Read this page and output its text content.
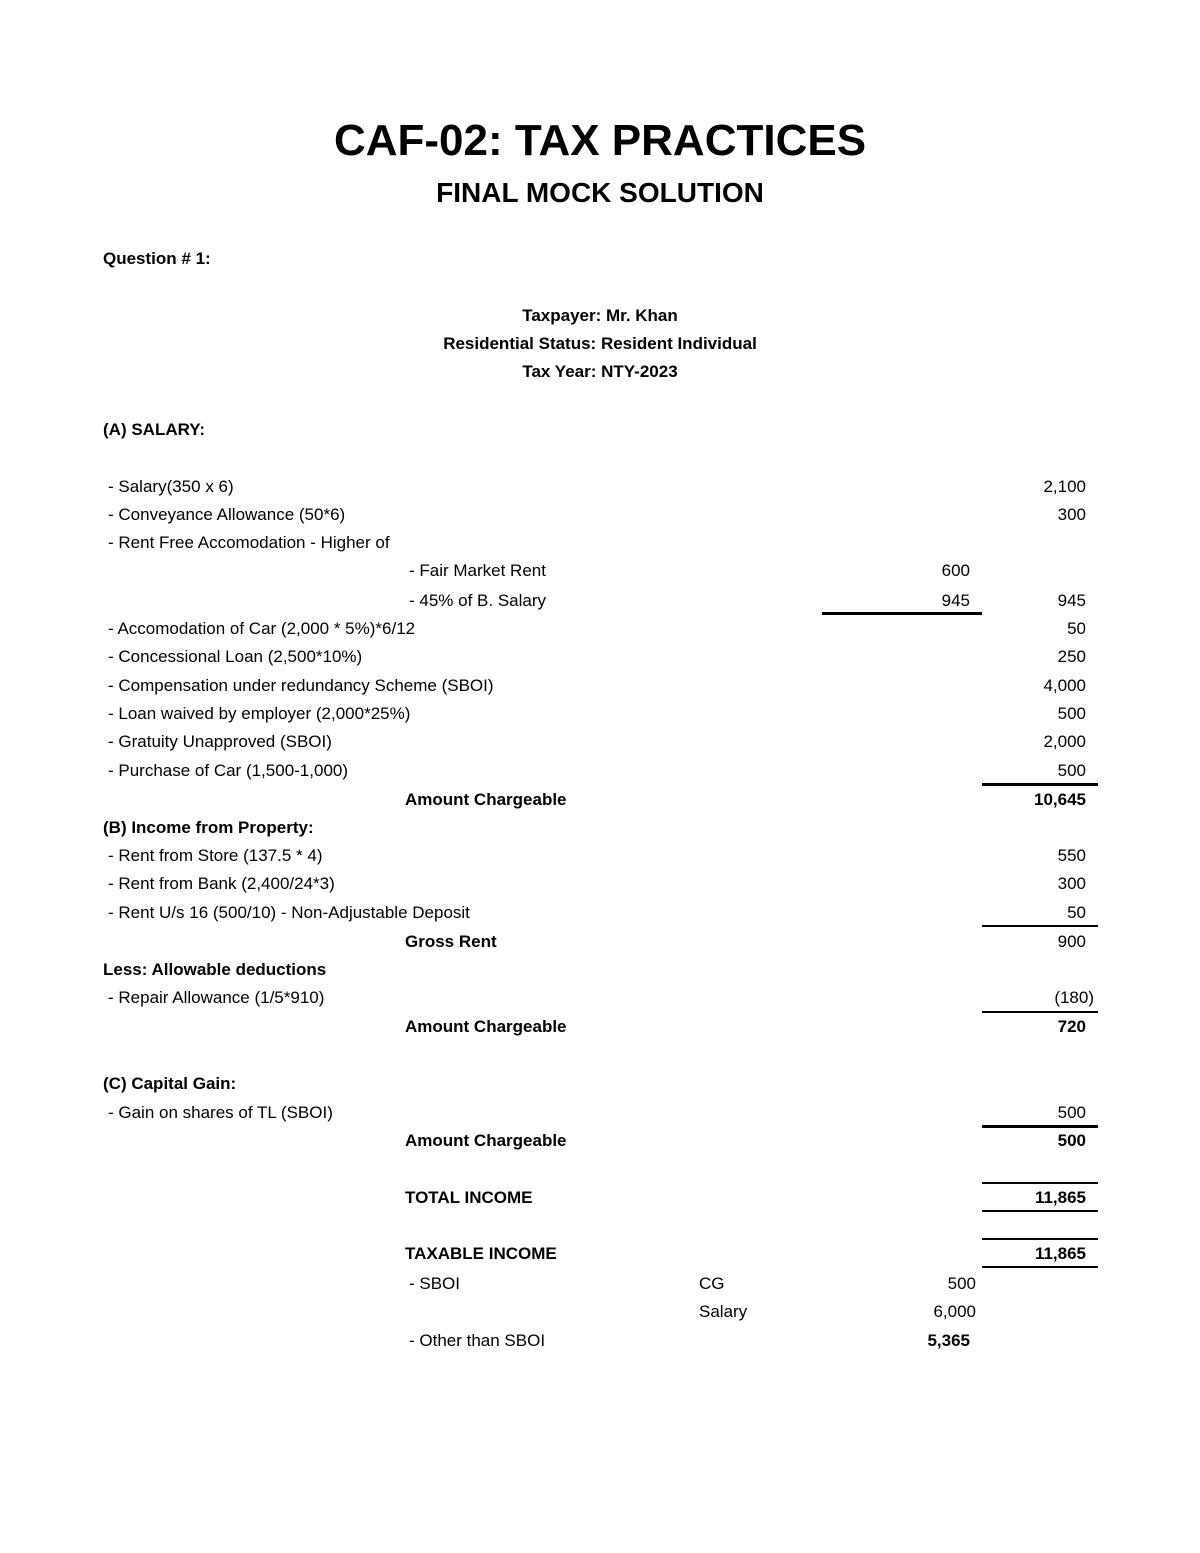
CAF-02: TAX PRACTICES
FINAL MOCK SOLUTION
Question # 1:
Taxpayer: Mr. Khan
Residential Status: Resident Individual
Tax Year: NTY-2023
(A) SALARY:
- Salary(350 x 6)	2,100
- Conveyance Allowance (50*6)	300
- Rent Free Accomodation - Higher of
- Fair Market Rent	600
- 45% of B. Salary	945	945
- Accomodation of Car (2,000 * 5%)*6/12	50
- Concessional Loan (2,500*10%)	250
- Compensation under redundancy Scheme (SBOI)	4,000
- Loan waived by employer (2,000*25%)	500
- Gratuity Unapproved (SBOI)	2,000
- Purchase of Car (1,500-1,000)	500
Amount Chargeable	10,645
(B) Income from Property:
- Rent from Store (137.5 * 4)	550
- Rent from Bank (2,400/24*3)	300
- Rent U/s 16 (500/10) - Non-Adjustable Deposit	50
Gross Rent	900
Less: Allowable deductions
- Repair Allowance (1/5*910)	(180)
Amount Chargeable	720
(C) Capital Gain:
- Gain on shares of TL (SBOI)	500
Amount Chargeable	500
TOTAL INCOME	11,865
TAXABLE INCOME	11,865
- SBOI	CG	500
Salary	6,000
- Other than SBOI	5,365
